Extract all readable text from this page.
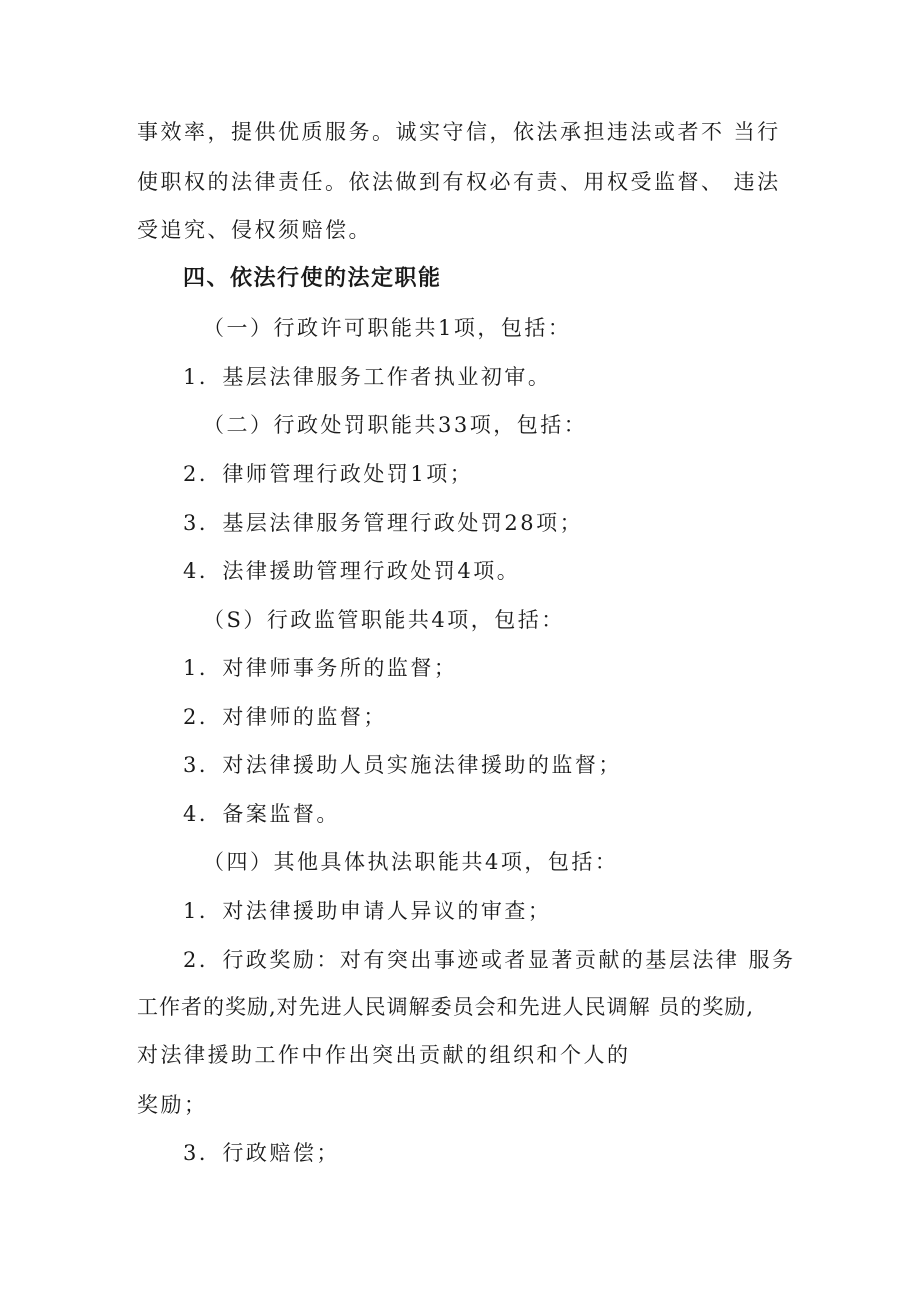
事效率，提供优质服务。诚实守信，依法承担违法或者不 当行

使职权的法律责任。依法做到有权必有责、用权受监督、 违法

受追究、侵权须赔偿。

四、依法行使的法定职能

（一）行政许可职能共1项，包括：

1．基层法律服务工作者执业初审。

（二）行政处罚职能共33项，包括：

2．律师管理行政处罚1项；

3．基层法律服务管理行政处罚28项；

4．法律援助管理行政处罚4项。

（S）行政监管职能共4项，包括：

1．对律师事务所的监督；

2．对律师的监督；

3．对法律援助人员实施法律援助的监督；

4．备案监督。

（四）其他具体执法职能共4项，包括：

1．对法律援助申请人异议的审查；

2．行政奖励：对有突出事迹或者显著贡献的基层法律 服务

工作者的奖励,对先进人民调解委员会和先进人民调解 员的奖励,

对法律援助工作中作出突出贡献的组织和个人的

奖励；

3．行政赔偿；
